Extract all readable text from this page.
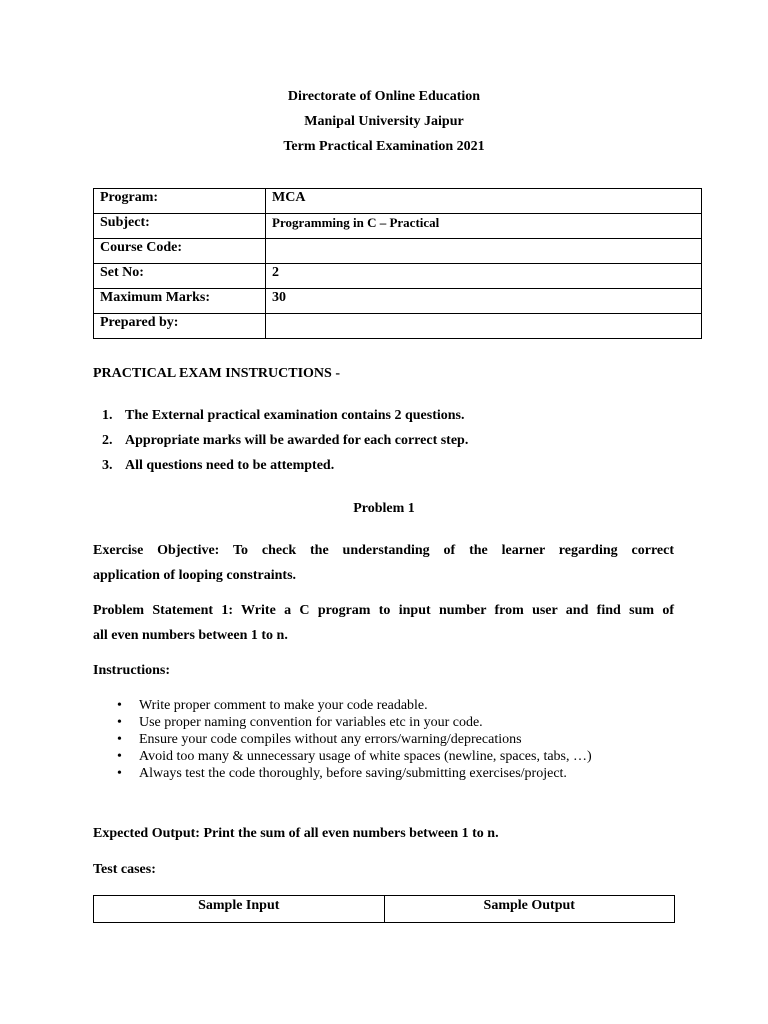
Directorate of Online Education
Manipal University Jaipur
Term Practical Examination 2021
Program:	MCA
Subject:	Programming in C – Practical
Course Code:	
Set No:	2
Maximum Marks:	30
Prepared by:	
PRACTICAL EXAM INSTRUCTIONS -
1. The External practical examination contains 2 questions.
2. Appropriate marks will be awarded for each correct step.
3. All questions need to be attempted.
Problem 1
Exercise Objective: To check the understanding of the learner regarding correct
application of looping constraints.
Problem Statement 1: Write a C program to input number from user and find sum of
all even numbers between 1 to n.
Instructions:
• Write proper comment to make your code readable.
• Use proper naming convention for variables etc in your code.
• Ensure your code compiles without any errors/warning/deprecations
• Avoid too many & unnecessary usage of white spaces (newline, spaces, tabs, …)
• Always test the code thoroughly, before saving/submitting exercises/project.
Expected Output: Print the sum of all even numbers between 1 to n.
Test cases:
Sample Input	Sample Output
